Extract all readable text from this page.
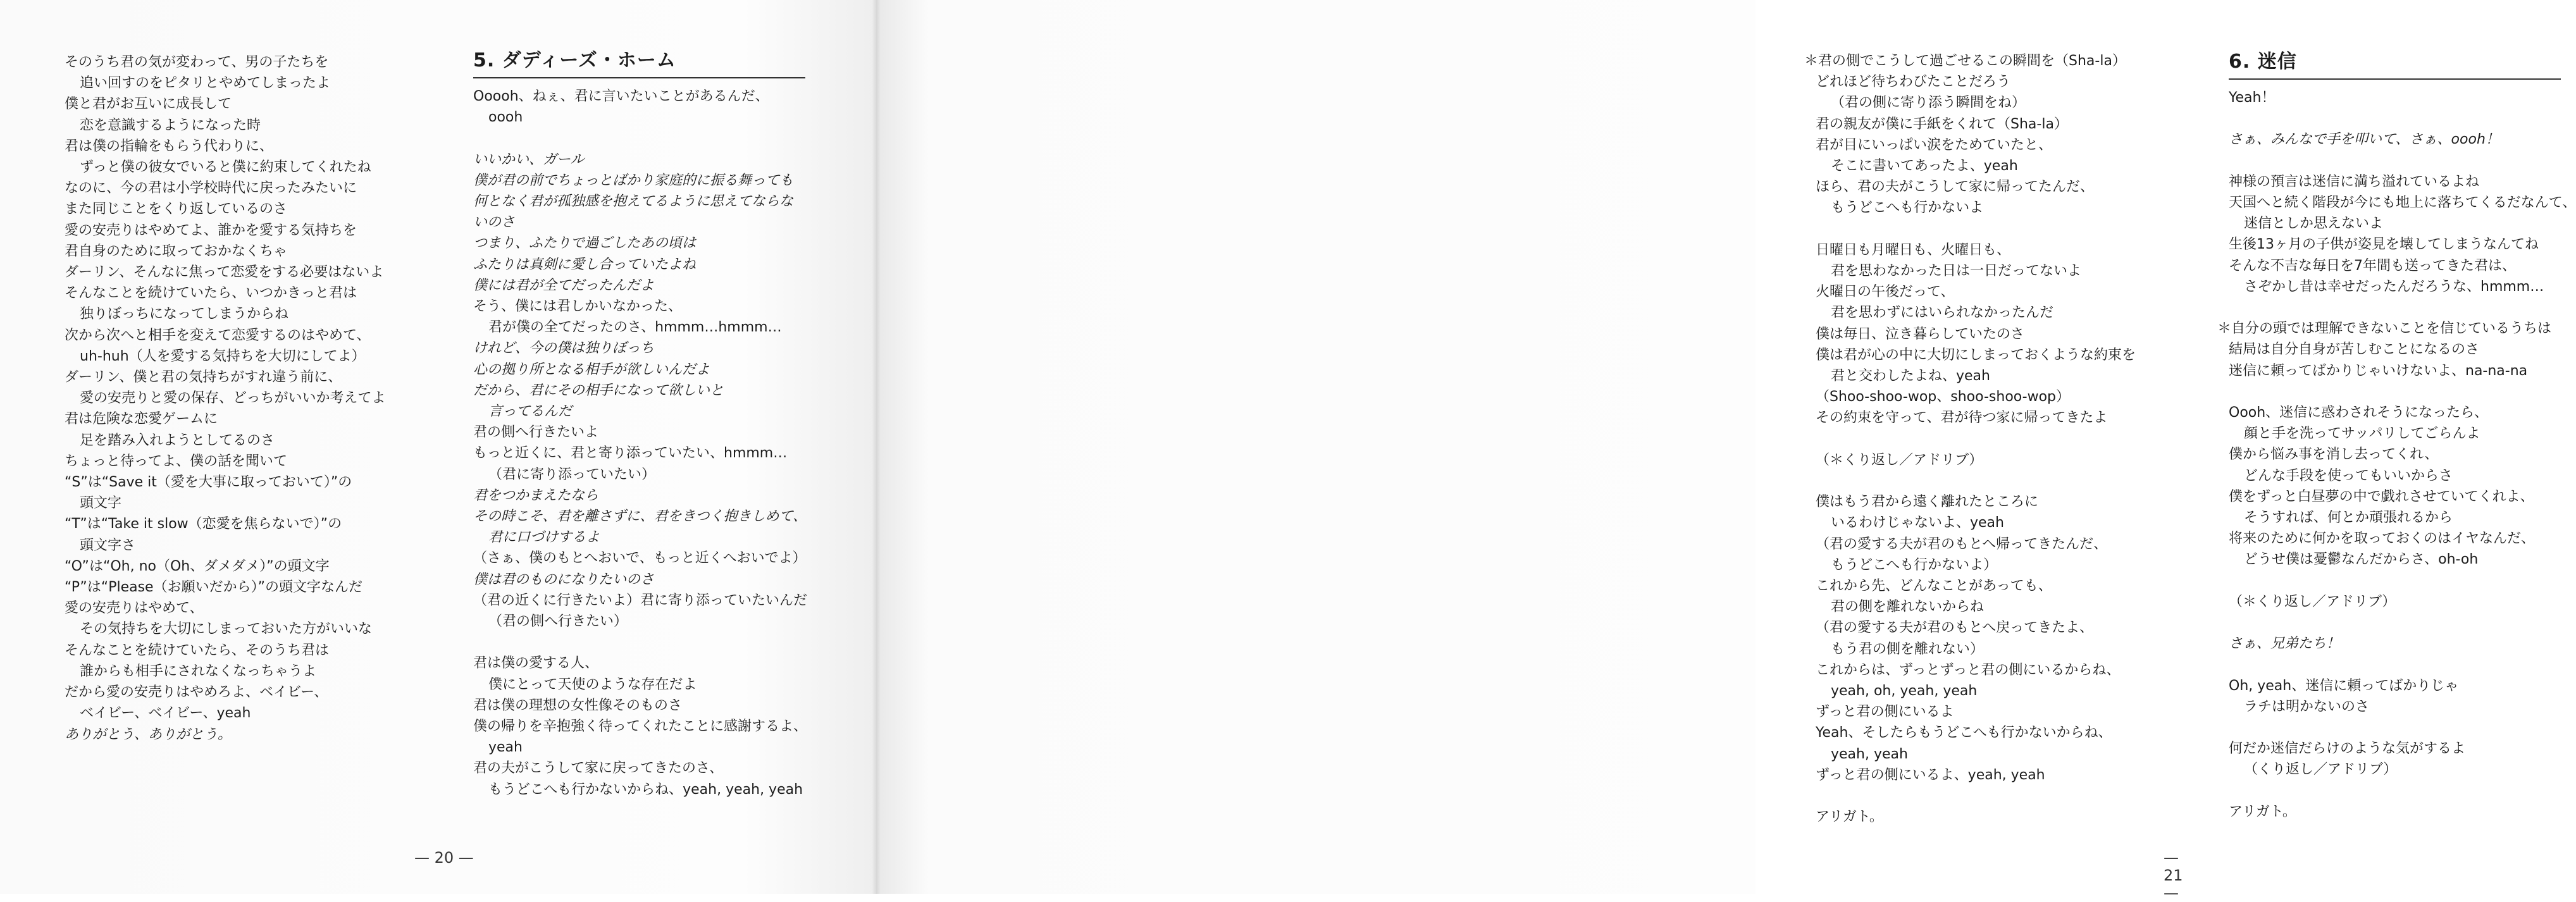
そのうち君の気が変わって、男の子たちを

追い回すのをピタリとやめてしまったよ

僕と君がお互いに成長して

恋を意識するようになった時

君は僕の指輪をもらう代わりに、

ずっと僕の彼女でいると僕に約束してくれたね

なのに、今の君は小学校時代に戻ったみたいに

また同じことをくり返しているのさ

愛の安売りはやめてよ、誰かを愛する気持ちを

君自身のために取っておかなくちゃ

ダーリン、そんなに焦って恋愛をする必要はないよ

そんなことを続けていたら、いつかきっと君は

独りぼっちになってしまうからね

次から次へと相手を変えて恋愛するのはやめて、

uh-huh（人を愛する気持ちを大切にしてよ）

ダーリン、僕と君の気持ちがすれ違う前に、

愛の安売りと愛の保存、どっちがいいか考えてよ

君は危険な恋愛ゲームに

足を踏み入れようとしてるのさ

ちょっと待ってよ、僕の話を聞いて

“S”は“Save it（愛を大事に取っておいて）”の

頭文字

“T”は“Take it slow（恋愛を焦らないで）”の

頭文字さ

“O”は“Oh, no（Oh、ダメダメ）”の頭文字

“P”は“Please（お願いだから）”の頭文字なんだ

愛の安売りはやめて、

その気持ちを大切にしまっておいた方がいいな

そんなことを続けていたら、そのうち君は

誰からも相手にされなくなっちゃうよ

だから愛の安売りはやめろよ、ベイビー、

ベイビー、ベイビー、yeah

ありがとう、ありがとう。

5. ダディーズ・ホーム

Ooooh、ねぇ、君に言いたいことがあるんだ、

oooh

いいかい、ガール

僕が君の前でちょっとばかり家庭的に振る舞っても

何となく君が孤独感を抱えてるように思えてならな

いのさ

つまり、ふたりで過ごしたあの頃は

ふたりは真剣に愛し合っていたよね

僕には君が全てだったんだよ

そう、僕には君しかいなかった、

君が僕の全てだったのさ、hmmm…hmmm…

けれど、今の僕は独りぼっち

心の拠り所となる相手が欲しいんだよ

だから、君にその相手になって欲しいと

言ってるんだ

君の側へ行きたいよ

もっと近くに、君と寄り添っていたい、hmmm…

（君に寄り添っていたい）

君をつかまえたなら

その時こそ、君を離さずに、君をきつく抱きしめて、

君に口づけするよ

（さぁ、僕のもとへおいで、もっと近くへおいでよ）

僕は君のものになりたいのさ

（君の近くに行きたいよ）君に寄り添っていたいんだ

（君の側へ行きたい）

君は僕の愛する人、

僕にとって天使のような存在だよ

君は僕の理想の女性像そのものさ

僕の帰りを辛抱強く待ってくれたことに感謝するよ、

yeah

君の夫がこうして家に戻ってきたのさ、

もうどこへも行かないからね、yeah, yeah, yeah

— 20 —

＊君の側でこうして過ごせるこの瞬間を（Sha-la）

どれほど待ちわびたことだろう

（君の側に寄り添う瞬間をね）

君の親友が僕に手紙をくれて（Sha-la）

君が目にいっぱい涙をためていたと、

そこに書いてあったよ、yeah

ほら、君の夫がこうして家に帰ってたんだ、

もうどこへも行かないよ

日曜日も月曜日も、火曜日も、

君を思わなかった日は一日だってないよ

火曜日の午後だって、

君を思わずにはいられなかったんだ

僕は毎日、泣き暮らしていたのさ

僕は君が心の中に大切にしまっておくような約束を

君と交わしたよね、yeah

（Shoo-shoo-wop、shoo-shoo-wop）

その約束を守って、君が待つ家に帰ってきたよ

（＊くり返し／アドリブ）

僕はもう君から遠く離れたところに

いるわけじゃないよ、yeah

（君の愛する夫が君のもとへ帰ってきたんだ、

もうどこへも行かないよ）

これから先、どんなことがあっても、

君の側を離れないからね

（君の愛する夫が君のもとへ戻ってきたよ、

もう君の側を離れない）

これからは、ずっとずっと君の側にいるからね、

yeah, oh, yeah, yeah

ずっと君の側にいるよ

Yeah、そしたらもうどこへも行かないからね、

yeah, yeah

ずっと君の側にいるよ、yeah, yeah

アリガト。

6. 迷信

Yeah！

さぁ、みんなで手を叩いて、さぁ、oooh！

神様の預言は迷信に満ち溢れているよね

天国へと続く階段が今にも地上に落ちてくるだなんて、

迷信としか思えないよ

生後13ヶ月の子供が姿見を壊してしまうなんてね

そんな不吉な毎日を7年間も送ってきた君は、

さぞかし昔は幸せだったんだろうな、hmmm…

＊自分の頭では理解できないことを信じているうちは

結局は自分自身が苦しむことになるのさ

迷信に頼ってばかりじゃいけないよ、na-na-na

Oooh、迷信に惑わされそうになったら、

顔と手を洗ってサッパリしてごらんよ

僕から悩み事を消し去ってくれ、

どんな手段を使ってもいいからさ

僕をずっと白昼夢の中で戯れさせていてくれよ、

そうすれば、何とか頑張れるから

将来のために何かを取っておくのはイヤなんだ、

どうせ僕は憂鬱なんだからさ、oh-oh

（＊くり返し／アドリブ）

さぁ、兄弟たち！

Oh, yeah、迷信に頼ってばかりじゃ

ラチは明かないのさ

何だか迷信だらけのような気がするよ

（くり返し／アドリブ）

アリガト。

— 21 —
